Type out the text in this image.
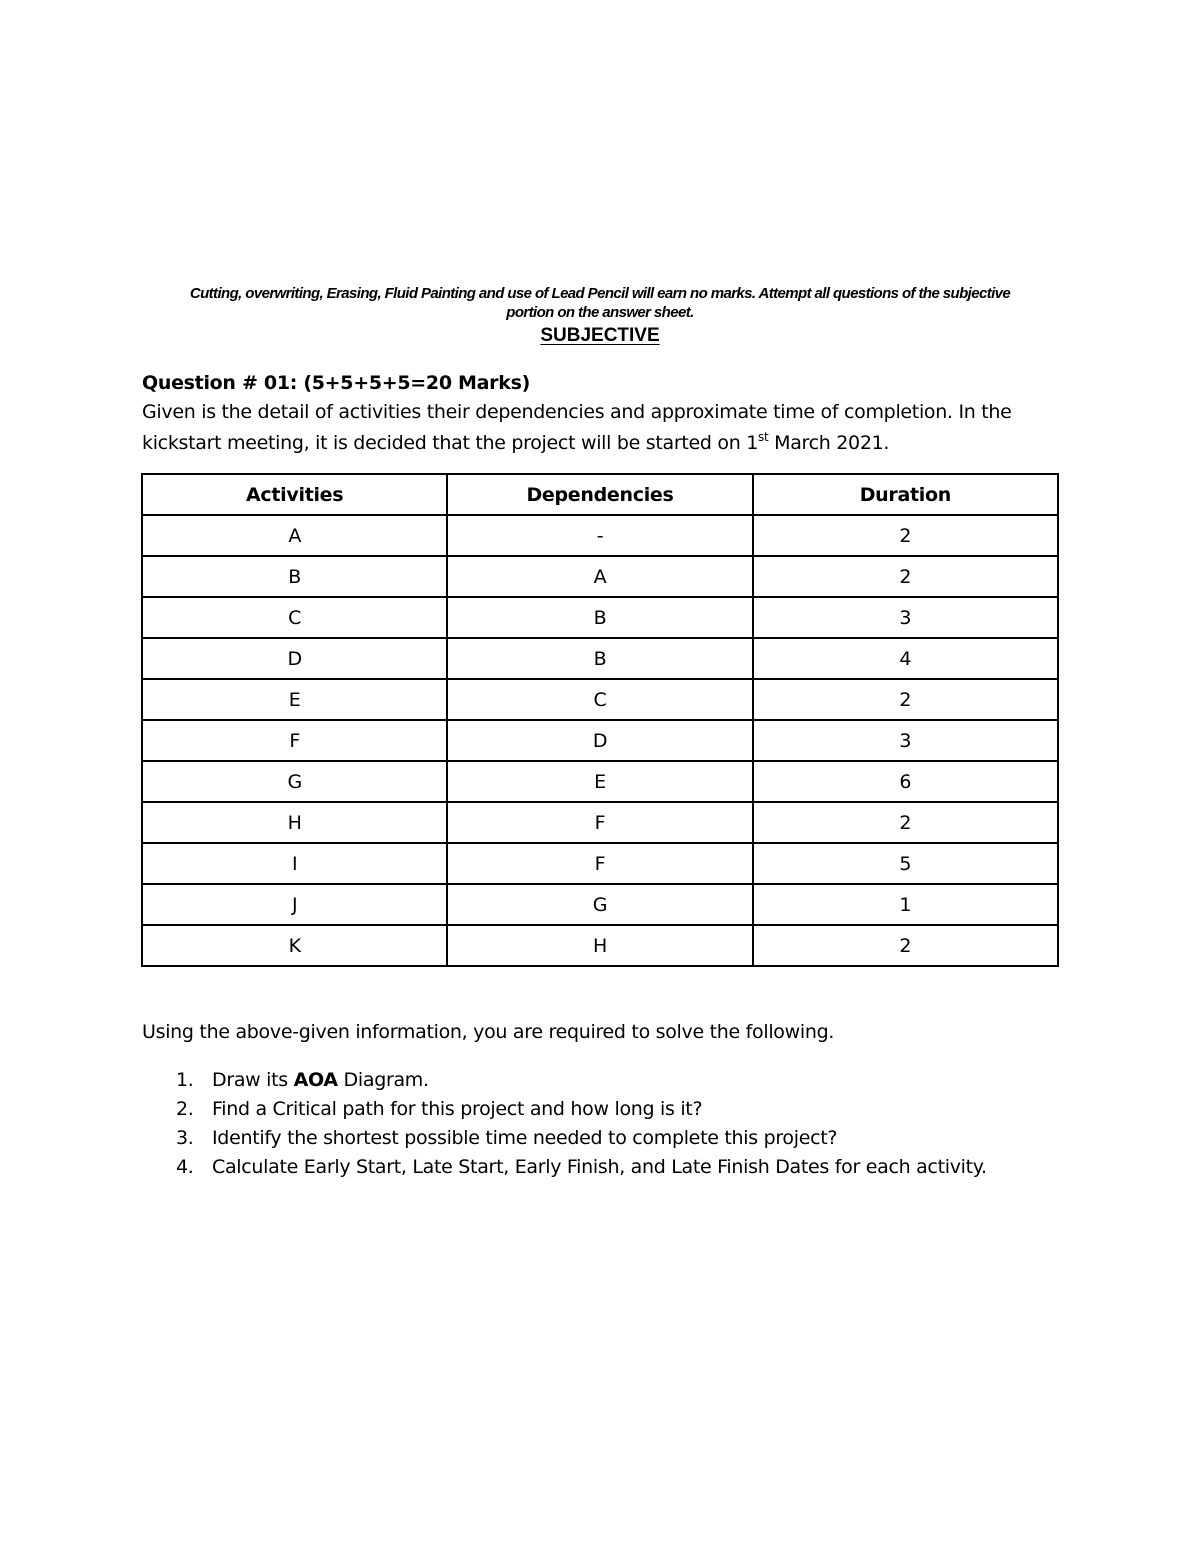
Cutting, overwriting, Erasing, Fluid Painting and use of Lead Pencil will earn no marks. Attempt all questions of the subjective
portion on the answer sheet.
SUBJECTIVE
Question # 01: (5+5+5+5=20 Marks)
Given is the detail of activities their dependencies and approximate time of completion. In the kickstart meeting, it is decided that the project will be started on 1st March 2021.
Activities	Dependencies	Duration
A	-	2
B	A	2
C	B	3
D	B	4
E	C	2
F	D	3
G	E	6
H	F	2
I	F	5
J	G	1
K	H	2
Using the above-given information, you are required to solve the following.
1. Draw its AOA Diagram.
2. Find a Critical path for this project and how long is it?
3. Identify the shortest possible time needed to complete this project?
4. Calculate Early Start, Late Start, Early Finish, and Late Finish Dates for each activity.
